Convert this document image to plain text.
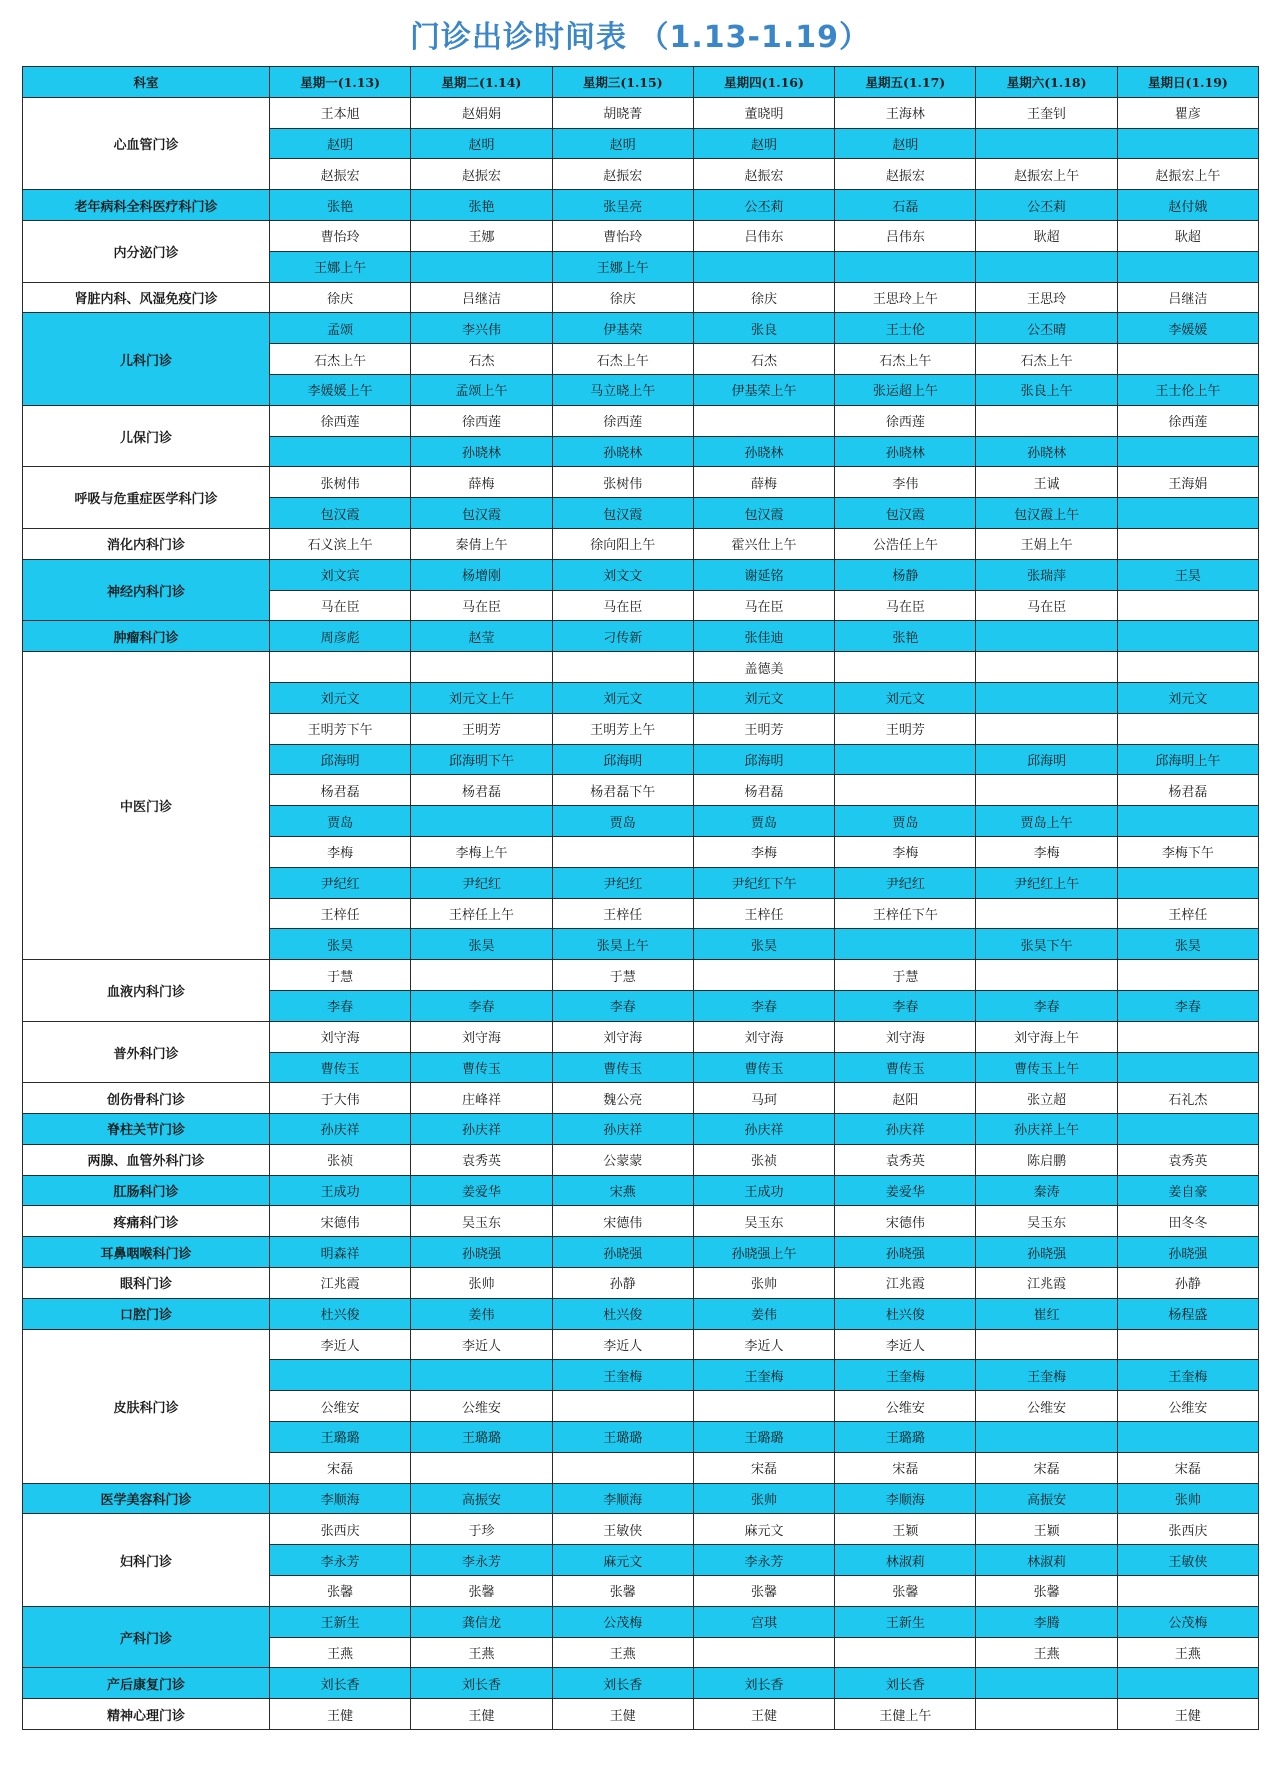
门诊出诊时间表 （1.13-1.19）
科室	星期一(1.13)	星期二(1.14)	星期三(1.15)	星期四(1.16)	星期五(1.17)	星期六(1.18)	星期日(1.19)
心血管门诊	王本旭	赵娟娟	胡晓菁	董晓明	王海林	王奎钊	瞿彦
	赵明	赵明	赵明	赵明	赵明		
	赵振宏	赵振宏	赵振宏	赵振宏	赵振宏	赵振宏上午	赵振宏上午
老年病科全科医疗科门诊	张艳	张艳	张呈亮	公丕莉	石磊	公丕莉	赵付娥
内分泌门诊	曹怡玲	王娜	曹怡玲	吕伟东	吕伟东	耿超	耿超
	王娜上午		王娜上午				
肾脏内科、风湿免疫门诊	徐庆	吕继洁	徐庆	徐庆	王思玲上午	王思玲	吕继洁
儿科门诊	孟颂	李兴伟	伊基荣	张良	王士伦	公丕晴	李媛媛
	石杰上午	石杰	石杰上午	石杰	石杰上午	石杰上午	
	李媛媛上午	孟颂上午	马立晓上午	伊基荣上午	张运超上午	张良上午	王士伦上午
儿保门诊	徐西莲	徐西莲	徐西莲		徐西莲		徐西莲
		孙晓林	孙晓林	孙晓林	孙晓林	孙晓林	
呼吸与危重症医学科门诊	张树伟	薛梅	张树伟	薛梅	李伟	王诚	王海娟
	包汉霞	包汉霞	包汉霞	包汉霞	包汉霞	包汉霞上午	
消化内科门诊	石义滨上午	秦倩上午	徐向阳上午	霍兴仕上午	公浩任上午	王娟上午	
神经内科门诊	刘文宾	杨增刚	刘文文	谢延铭	杨静	张瑞萍	王昊
	马在臣	马在臣	马在臣	马在臣	马在臣	马在臣	
肿瘤科门诊	周彦彪	赵莹	刁传新	张佳迪	张艳		
中医门诊				盖德美			
	刘元文	刘元文上午	刘元文	刘元文	刘元文		刘元文
	王明芳下午	王明芳	王明芳上午	王明芳	王明芳		
	邱海明	邱海明下午	邱海明	邱海明		邱海明	邱海明上午
	杨君磊	杨君磊	杨君磊下午	杨君磊			杨君磊
	贾岛		贾岛	贾岛	贾岛	贾岛上午	
	李梅	李梅上午		李梅	李梅	李梅	李梅下午
	尹纪红	尹纪红	尹纪红	尹纪红下午	尹纪红	尹纪红上午	
	王梓任	王梓任上午	王梓任	王梓任	王梓任下午		王梓任
	张昊	张昊	张昊上午	张昊		张昊下午	张昊
血液内科门诊	于慧		于慧		于慧		
	李春	李春	李春	李春	李春	李春	李春
普外科门诊	刘守海	刘守海	刘守海	刘守海	刘守海	刘守海上午	
	曹传玉	曹传玉	曹传玉	曹传玉	曹传玉	曹传玉上午	
创伤骨科门诊	于大伟	庄峰祥	魏公亮	马珂	赵阳	张立超	石礼杰
脊柱关节门诊	孙庆祥	孙庆祥	孙庆祥	孙庆祥	孙庆祥	孙庆祥上午	
两腺、血管外科门诊	张祯	袁秀英	公蒙蒙	张祯	袁秀英	陈启鹏	袁秀英
肛肠科门诊	王成功	姜爱华	宋燕	王成功	姜爱华	秦涛	姜自豪
疼痛科门诊	宋德伟	吴玉东	宋德伟	吴玉东	宋德伟	吴玉东	田冬冬
耳鼻咽喉科门诊	明森祥	孙晓强	孙晓强	孙晓强上午	孙晓强	孙晓强	孙晓强
眼科门诊	江兆霞	张帅	孙静	张帅	江兆霞	江兆霞	孙静
口腔门诊	杜兴俊	姜伟	杜兴俊	姜伟	杜兴俊	崔红	杨程盛
皮肤科门诊	李近人	李近人	李近人	李近人	李近人		
			王奎梅	王奎梅	王奎梅	王奎梅	王奎梅
	公维安	公维安			公维安	公维安	公维安
	王璐璐	王璐璐	王璐璐	王璐璐	王璐璐		
	宋磊			宋磊	宋磊	宋磊	宋磊
医学美容科门诊	李顺海	高振安	李顺海	张帅	李顺海	高振安	张帅
妇科门诊	张西庆	于珍	王敏侠	麻元文	王颖	王颖	张西庆
	李永芳	李永芳	麻元文	李永芳	林淑莉	林淑莉	王敏侠
	张馨	张馨	张馨	张馨	张馨	张馨	
产科门诊	王新生	龚信龙	公茂梅	宫琪	王新生	李腾	公茂梅
	王燕	王燕	王燕			王燕	王燕
产后康复门诊	刘长香	刘长香	刘长香	刘长香	刘长香		
精神心理门诊	王健	王健	王健	王健	王健上午		王健
